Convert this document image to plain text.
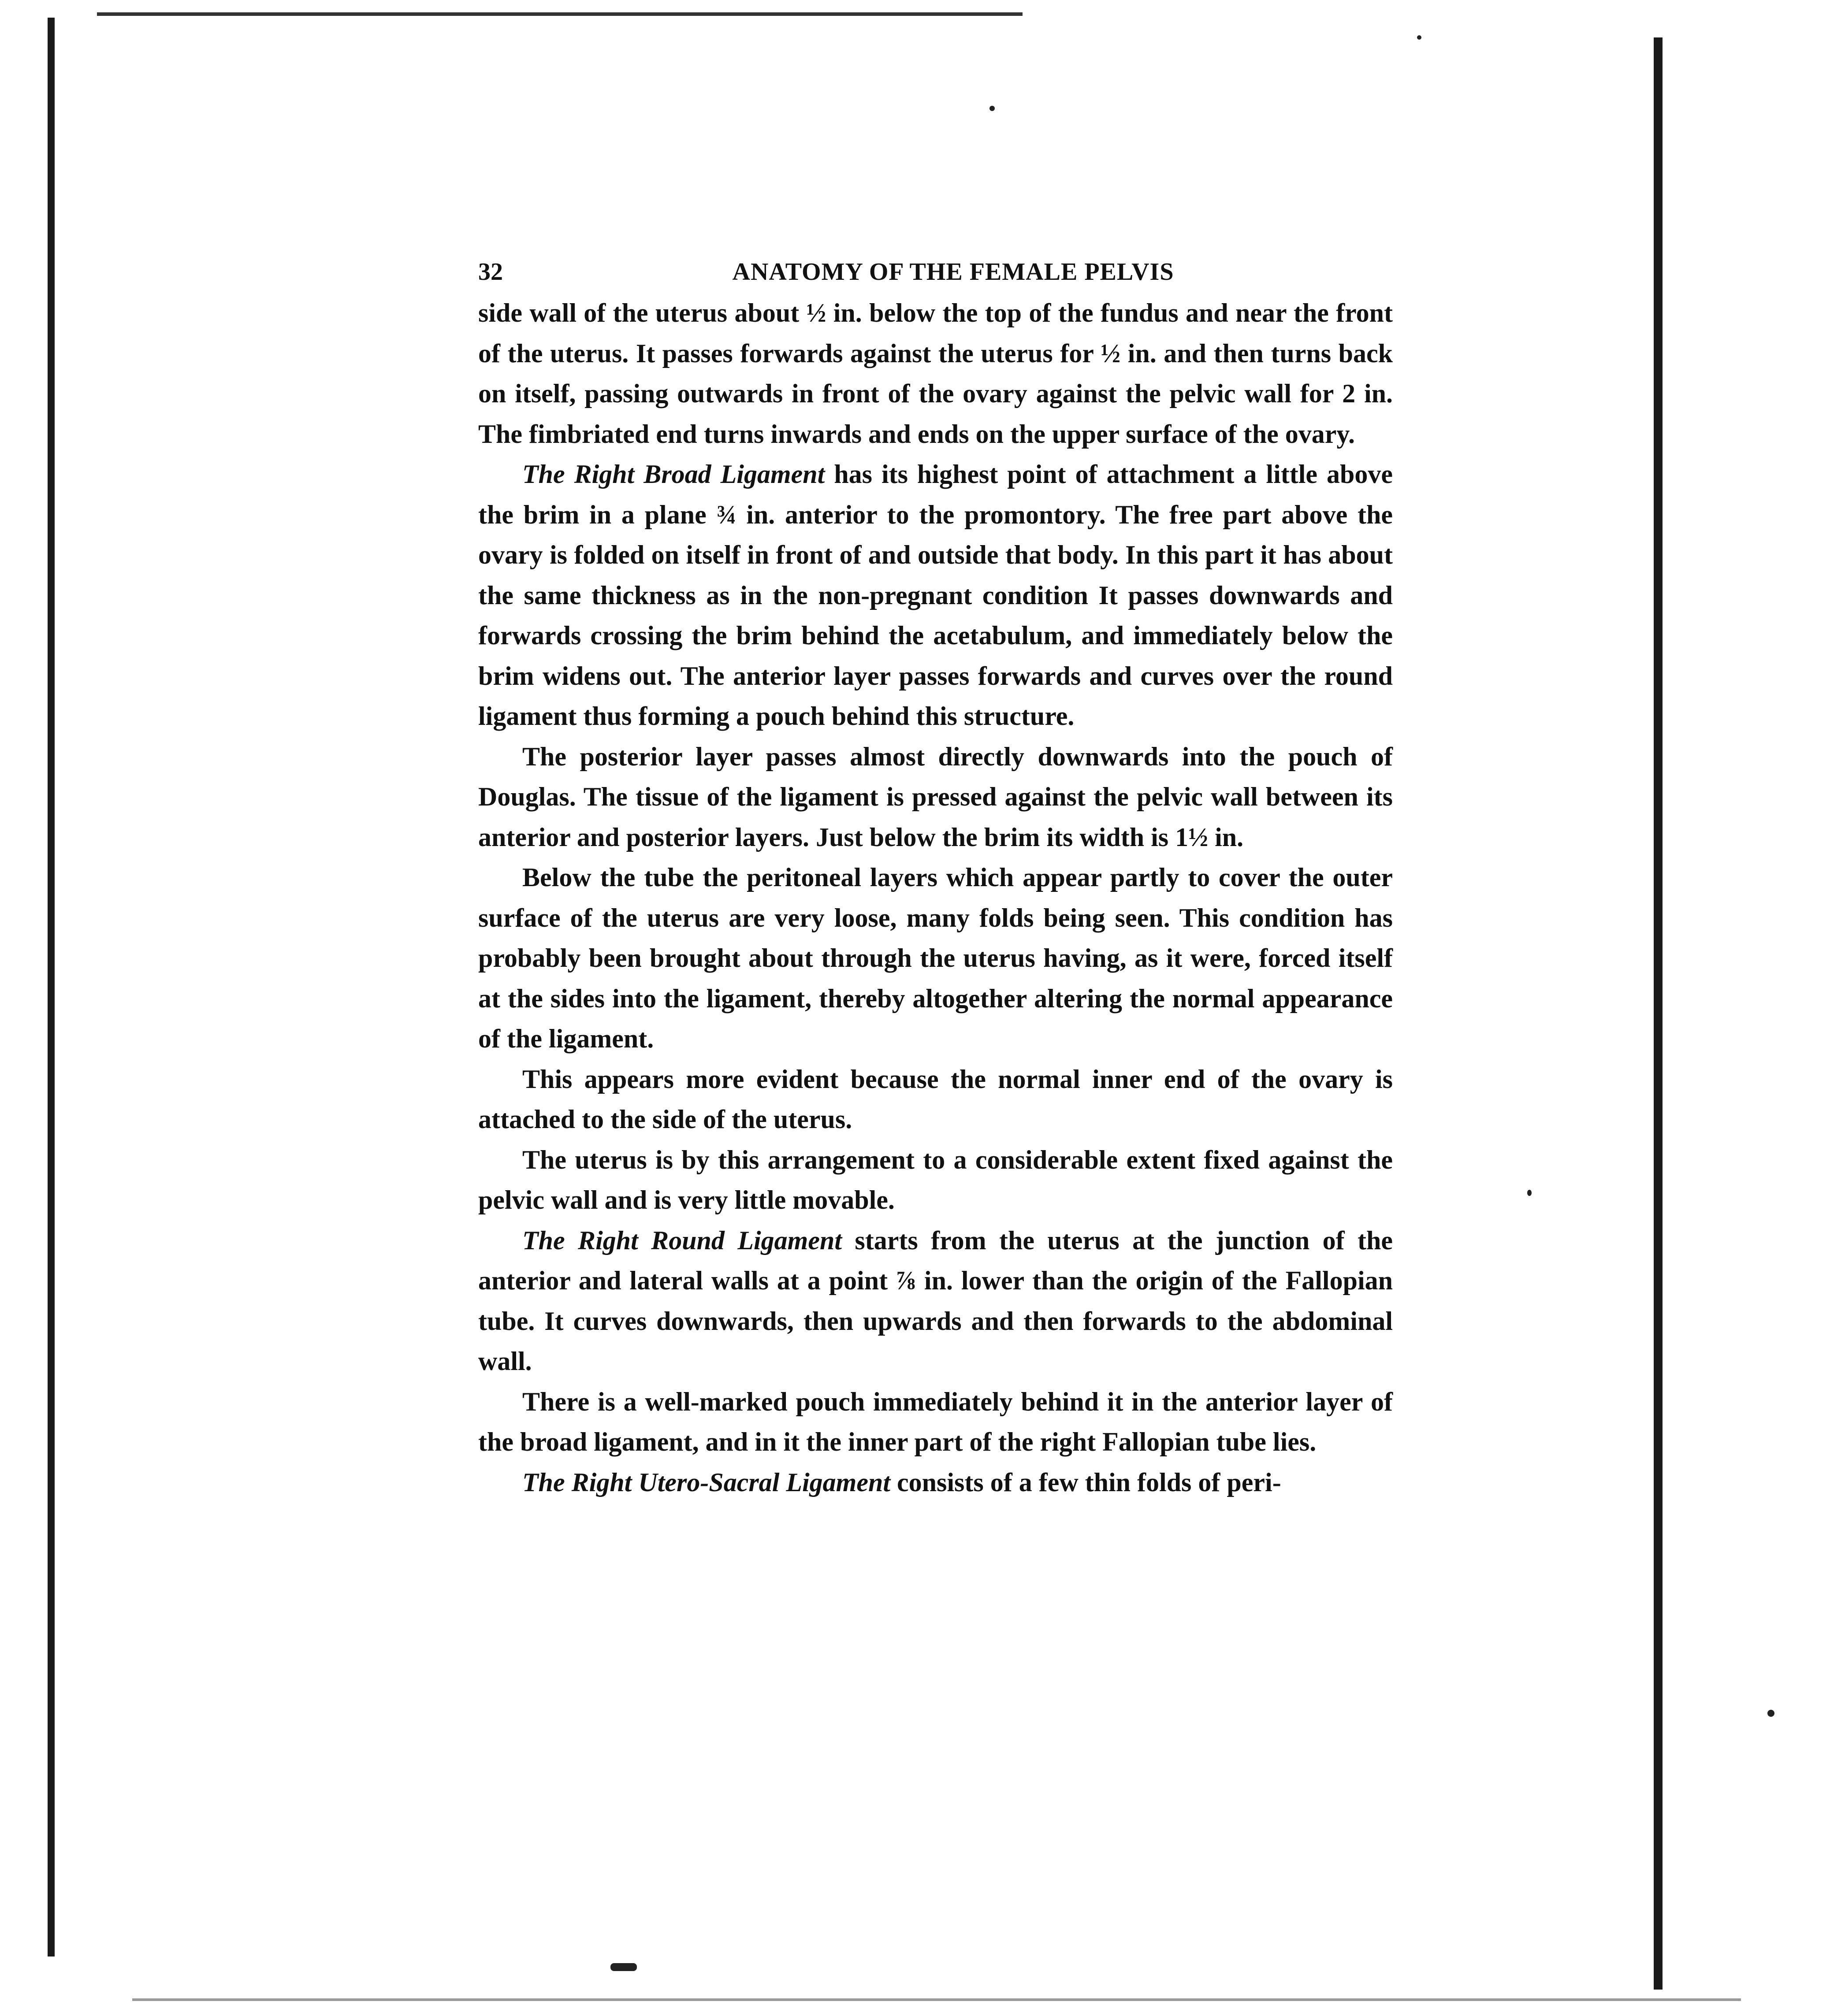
32	ANATOMY OF THE FEMALE PELVIS

side wall of the uterus about ½ in. below the top of the fundus and near the front of the uterus. It passes forwards against the uterus for ½ in. and then turns back on itself, passing outwards in front of the ovary against the pelvic wall for 2 in. The fimbriated end turns inwards and ends on the upper surface of the ovary.

The Right Broad Ligament has its highest point of attachment a little above the brim in a plane ¾ in. anterior to the promontory. The free part above the ovary is folded on itself in front of and outside that body. In this part it has about the same thickness as in the non-pregnant condition It passes downwards and forwards crossing the brim behind the acetabulum, and immediately below the brim widens out. The anterior layer passes forwards and curves over the round ligament thus forming a pouch behind this structure.

The posterior layer passes almost directly downwards into the pouch of Douglas. The tissue of the ligament is pressed against the pelvic wall between its anterior and posterior layers. Just below the brim its width is 1½ in.

Below the tube the peritoneal layers which appear partly to cover the outer surface of the uterus are very loose, many folds being seen. This condition has probably been brought about through the uterus having, as it were, forced itself at the sides into the ligament, thereby altogether altering the normal appearance of the ligament.

This appears more evident because the normal inner end of the ovary is attached to the side of the uterus.

The uterus is by this arrangement to a considerable extent fixed against the pelvic wall and is very little movable.

The Right Round Ligament starts from the uterus at the junction of the anterior and lateral walls at a point ⅞ in. lower than the origin of the Fallopian tube. It curves downwards, then upwards and then forwards to the abdominal wall.

There is a well-marked pouch immediately behind it in the anterior layer of the broad ligament, and in it the inner part of the right Fallopian tube lies.

The Right Utero-Sacral Ligament consists of a few thin folds of peri-
